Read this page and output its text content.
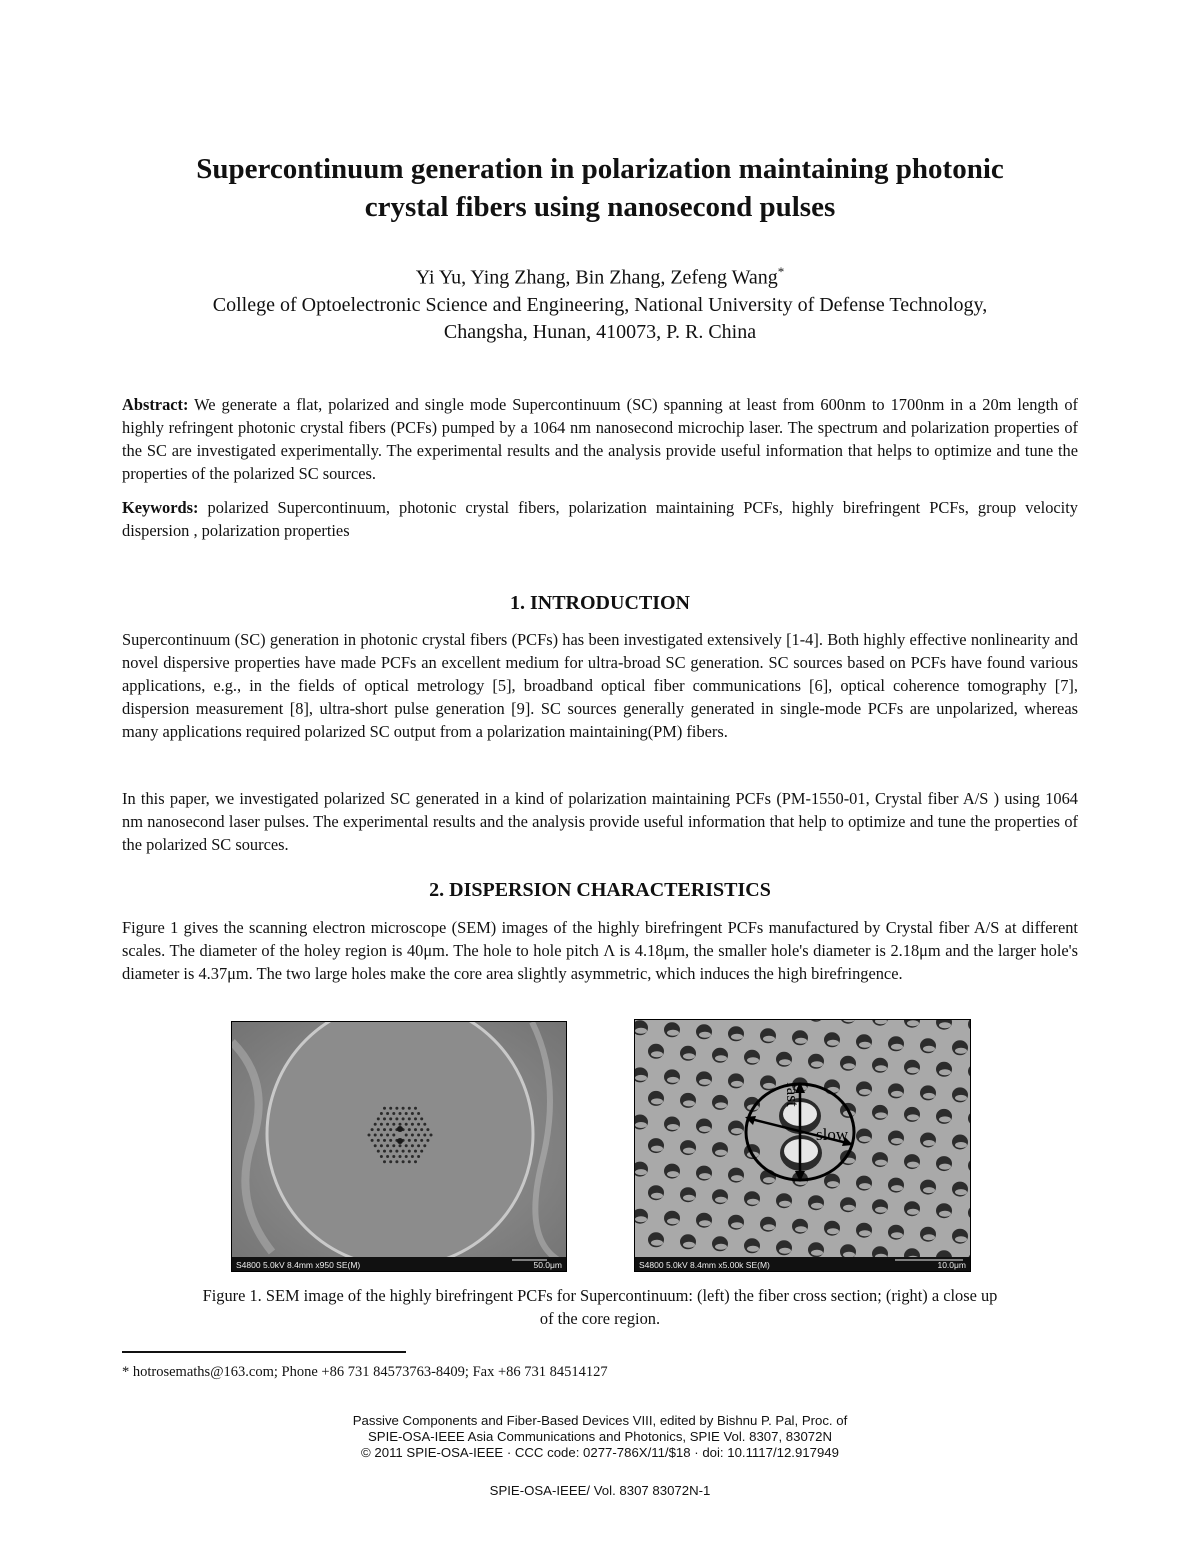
Supercontinuum generation in polarization maintaining photonic
crystal fibers using nanosecond pulses
Yi Yu, Ying Zhang, Bin Zhang, Zefeng Wang*
College of Optoelectronic Science and Engineering, National University of Defense Technology,
Changsha, Hunan, 410073, P. R. China
Abstract: We generate a flat, polarized and single mode Supercontinuum (SC) spanning at least from 600nm to 1700nm in a 20m length of highly refringent photonic crystal fibers (PCFs) pumped by a 1064 nm nanosecond microchip laser. The spectrum and polarization properties of the SC are investigated experimentally. The experimental results and the analysis provide useful information that helps to optimize and tune the properties of the polarized SC sources.
Keywords: polarized Supercontinuum, photonic crystal fibers, polarization maintaining PCFs, highly birefringent PCFs, group velocity dispersion , polarization properties
1. INTRODUCTION
Supercontinuum (SC) generation in photonic crystal fibers (PCFs) has been investigated extensively [1-4]. Both highly effective nonlinearity and novel dispersive properties have made PCFs an excellent medium for ultra-broad SC generation. SC sources based on PCFs have found various applications, e.g., in the fields of optical metrology [5], broadband optical fiber communications [6], optical coherence tomography [7], dispersion measurement [8], ultra-short pulse generation [9]. SC sources generally generated in single-mode PCFs are unpolarized, whereas many applications required polarized SC output from a polarization maintaining(PM) fibers.
In this paper, we investigated polarized SC generated in a kind of polarization maintaining PCFs (PM-1550-01, Crystal fiber A/S ) using 1064 nm nanosecond laser pulses. The experimental results and the analysis provide useful information that help to optimize and tune the properties of the polarized SC sources.
2. DISPERSION CHARACTERISTICS
Figure 1 gives the scanning electron microscope (SEM) images of the highly birefringent PCFs manufactured by Crystal fiber A/S at different scales. The diameter of the holey region is 40μm. The hole to hole pitch Λ is 4.18μm, the smaller hole's diameter is 2.18μm and the larger hole's diameter is 4.37μm. The two large holes make the core area slightly asymmetric, which induces the high birefringence.
S4800 5.0kV 8.4mm x950 SE(M)	50.0μm
fast
slow
S4800 5.0kV 8.4mm x5.00k SE(M)	10.0μm
Figure 1. SEM image of the highly birefringent PCFs for Supercontinuum: (left) the fiber cross section; (right) a close up
of the core region.
* hotrosemaths@163.com; Phone +86 731 84573763-8409; Fax +86 731 84514127
Passive Components and Fiber-Based Devices VIII, edited by Bishnu P. Pal, Proc. of
SPIE-OSA-IEEE Asia Communications and Photonics, SPIE Vol. 8307, 83072N
© 2011 SPIE-OSA-IEEE · CCC code: 0277-786X/11/$18 · doi: 10.1117/12.917949
SPIE-OSA-IEEE/ Vol. 8307 83072N-1
